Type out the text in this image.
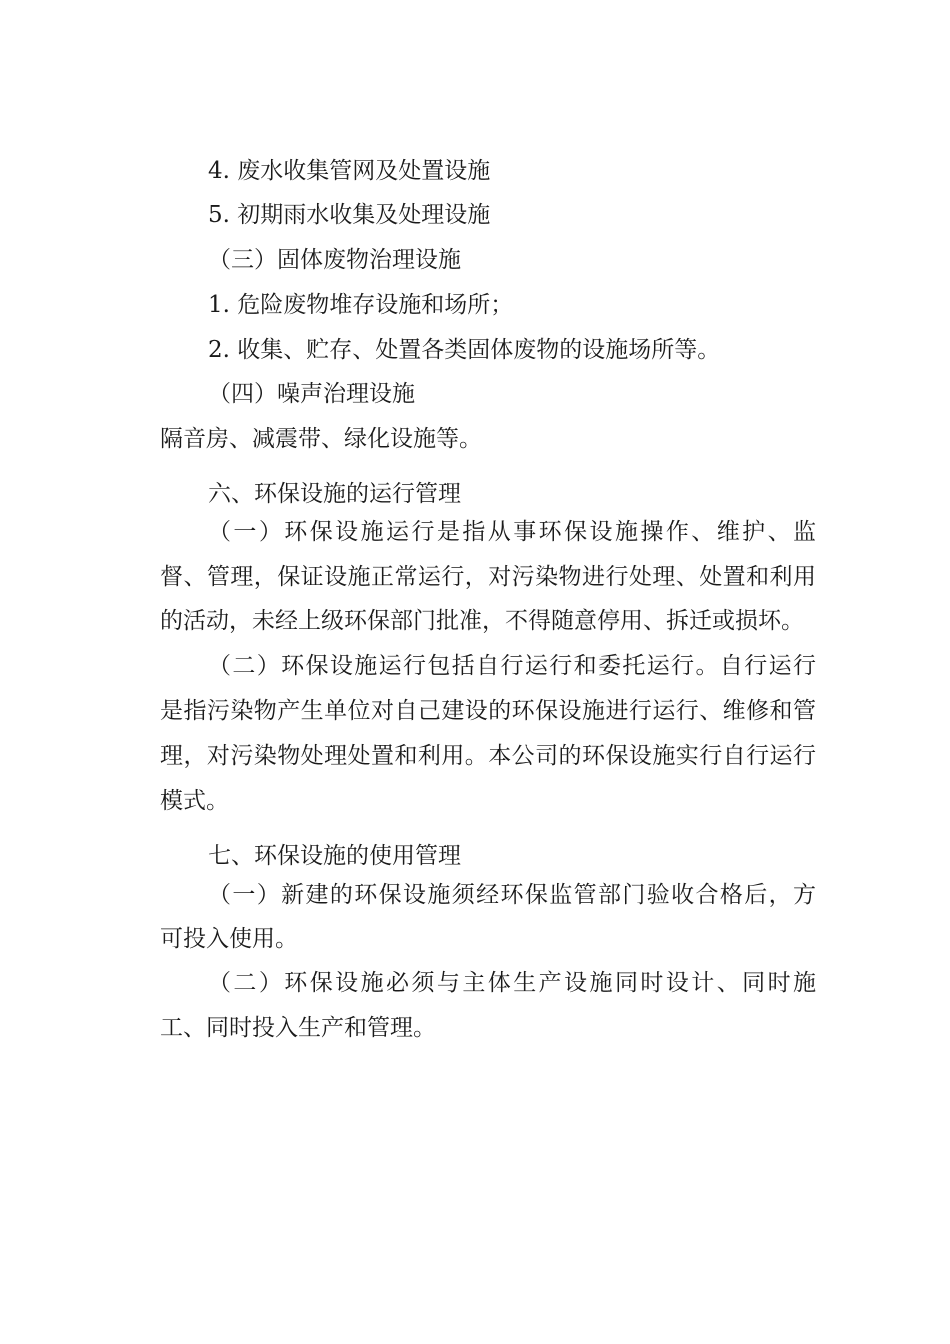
4. 废水收集管网及处置设施
5. 初期雨水收集及处理设施
（三）固体废物治理设施
1. 危险废物堆存设施和场所；
2. 收集、贮存、处置各类固体废物的设施场所等。
（四）噪声治理设施
隔音房、减震带、绿化设施等。
六、环保设施的运行管理
（一）环保设施运行是指从事环保设施操作、维护、监
督、管理，保证设施正常运行，对污染物进行处理、处置和利用
的活动，未经上级环保部门批准，不得随意停用、拆迁或损坏。
（二）环保设施运行包括自行运行和委托运行。自行运行
是指污染物产生单位对自己建设的环保设施进行运行、维修和管
理，对污染物处理处置和利用。本公司的环保设施实行自行运行
模式。
七、环保设施的使用管理
（一）新建的环保设施须经环保监管部门验收合格后，方
可投入使用。
（二）环保设施必须与主体生产设施同时设计、同时施
工、同时投入生产和管理。
